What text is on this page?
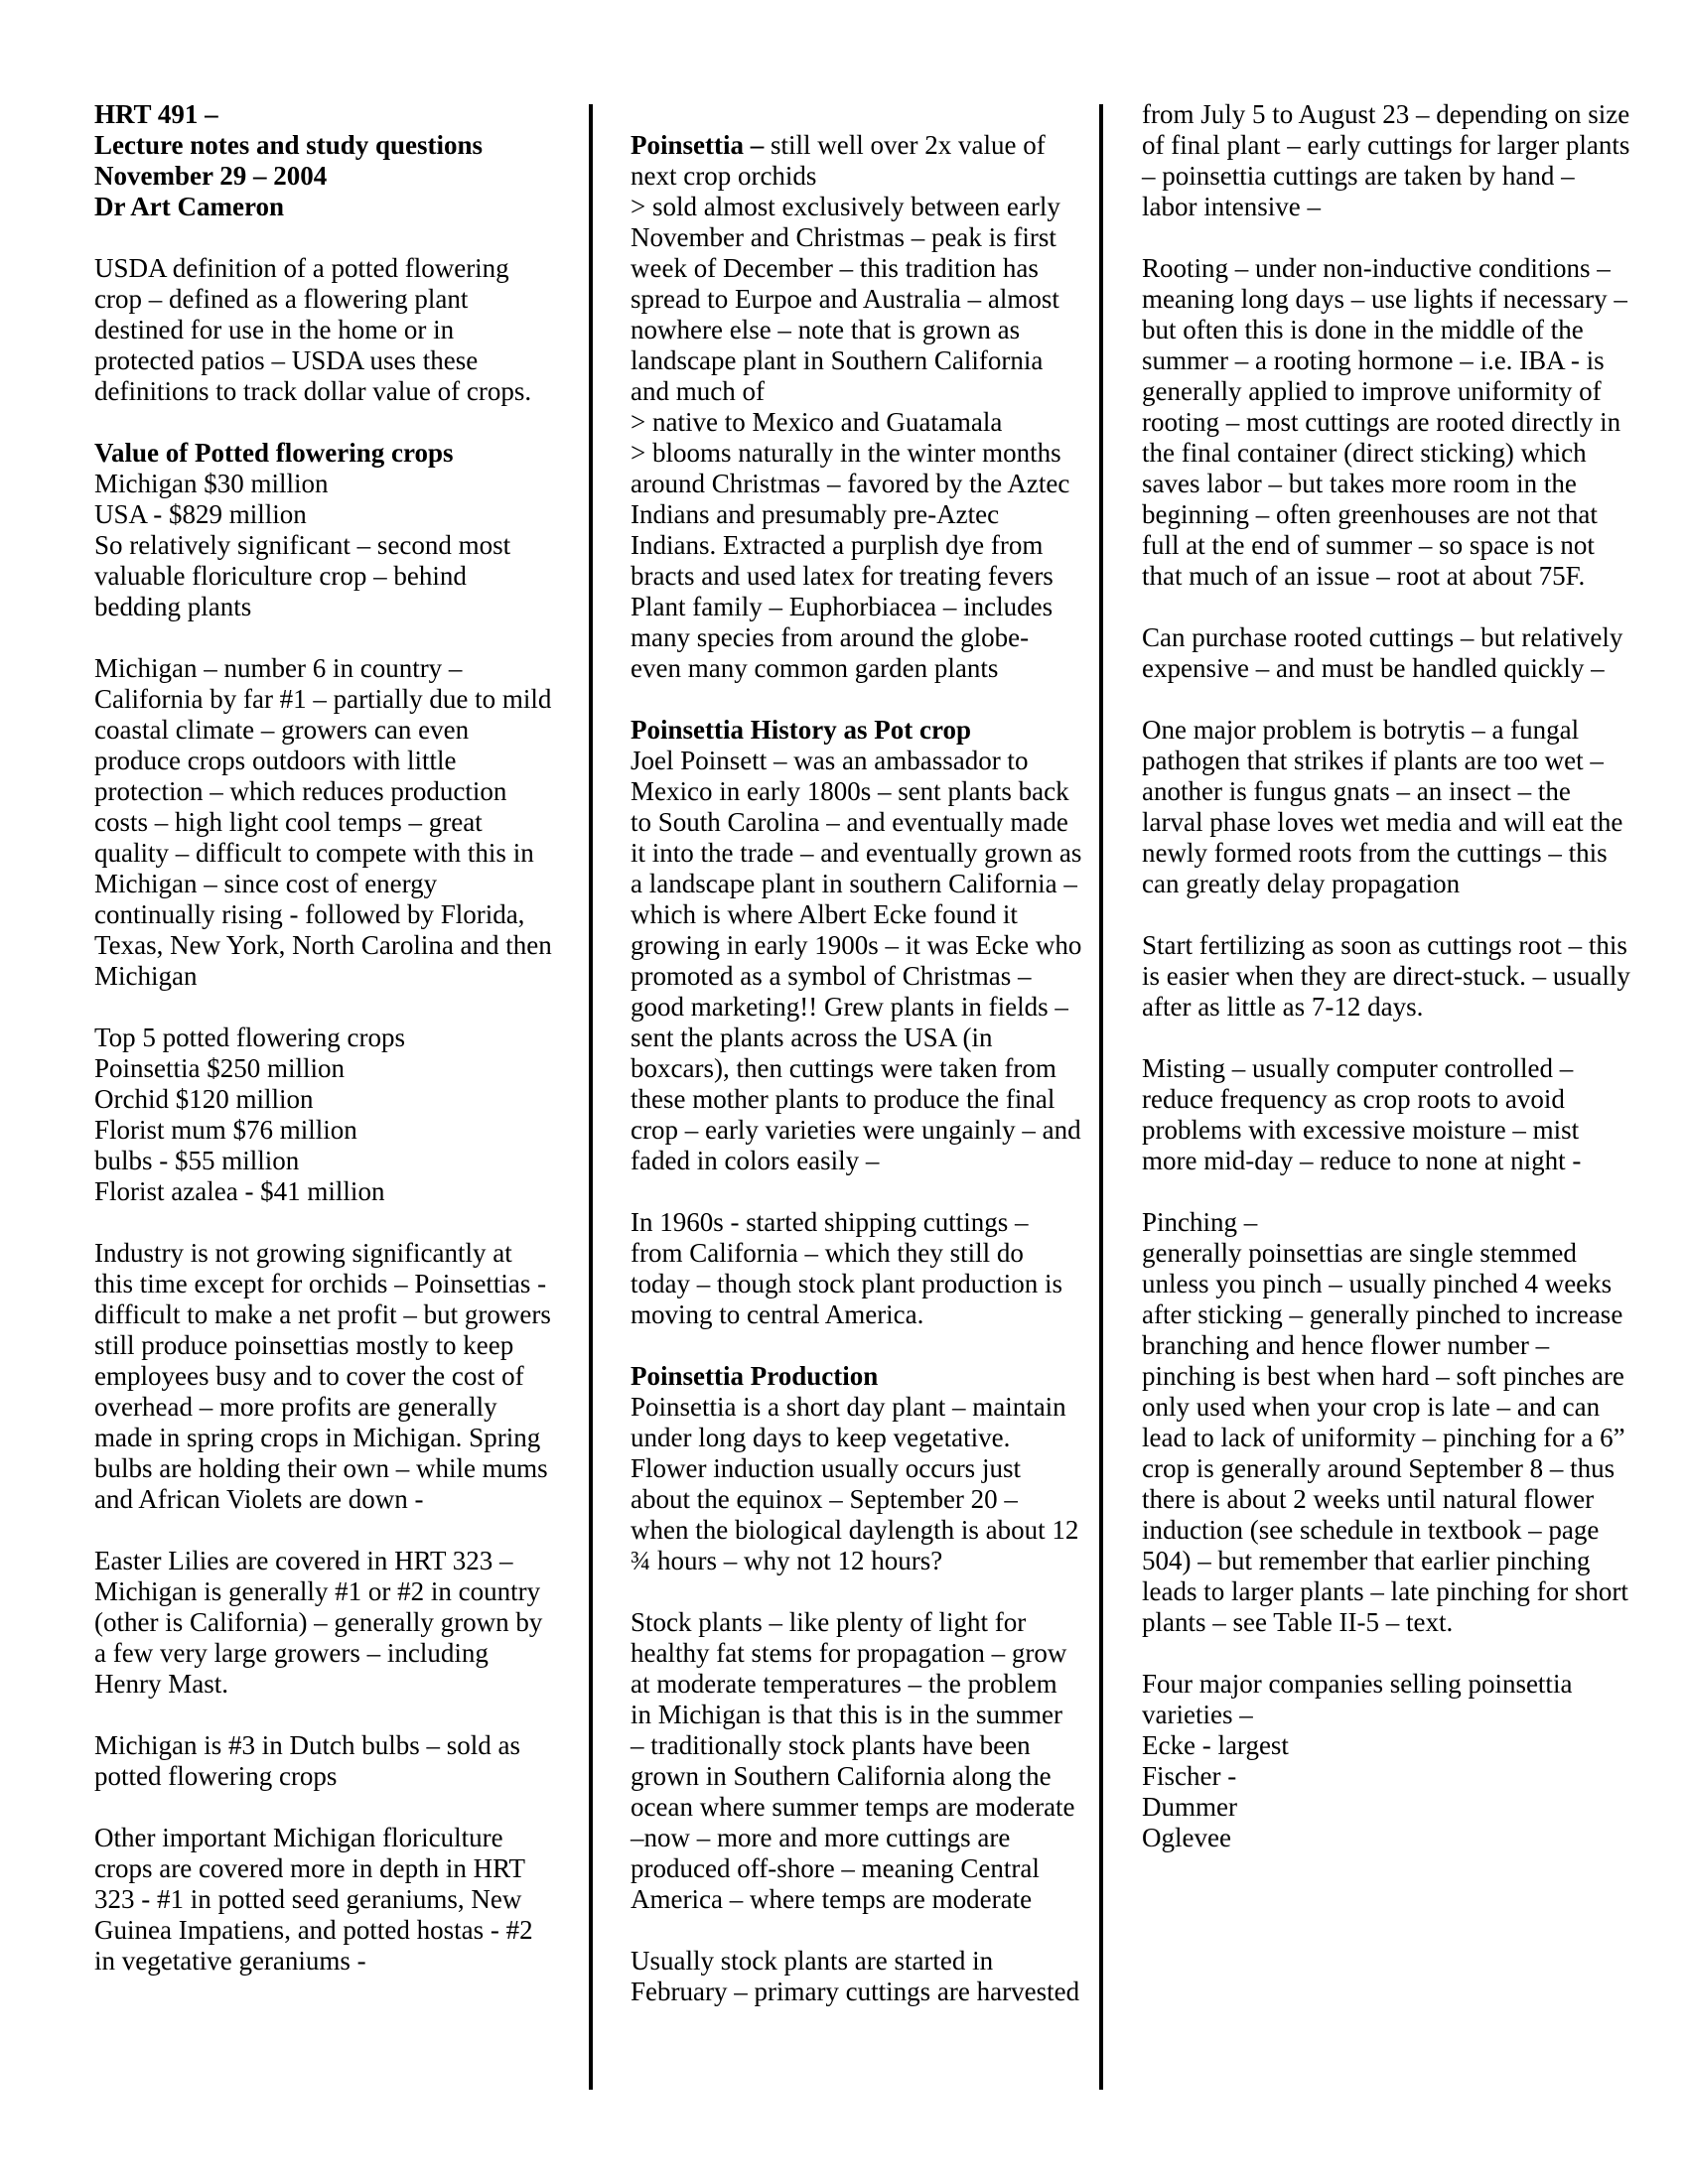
HRT 491 –
Lecture notes and study questions
November 29 – 2004
Dr Art Cameron
USDA definition of a potted flowering crop – defined as a flowering plant destined for use in the home or in protected patios – USDA uses these definitions to track dollar value of crops.
Value of Potted flowering crops
Michigan $30 million
USA - $829 million
So relatively significant – second most valuable floriculture crop – behind bedding plants
Michigan – number 6 in country – California by far #1 – partially due to mild coastal climate – growers can even produce crops outdoors with little protection – which reduces production costs – high light cool temps – great quality – difficult to compete with this in Michigan – since cost of energy continually rising - followed by Florida, Texas, New York, North Carolina and then Michigan
Top 5 potted flowering crops
Poinsettia $250 million
Orchid $120 million
Florist mum $76 million
bulbs - $55 million
Florist azalea - $41 million
Industry is not growing significantly at this time except for orchids – Poinsettias - difficult to make a net profit – but growers still produce poinsettias mostly to keep employees busy and to cover the cost of overhead – more profits are generally made in spring crops in Michigan. Spring bulbs are holding their own – while mums and African Violets are down -
Easter Lilies are covered in HRT 323 – Michigan is generally #1 or #2 in country (other is California) – generally grown by a few very large growers – including Henry Mast.
Michigan is #3 in Dutch bulbs – sold as potted flowering crops
Other important Michigan floriculture crops are covered more in depth in HRT 323 - #1 in potted seed geraniums, New Guinea Impatiens, and potted hostas - #2 in vegetative geraniums -
Poinsettia – still well over 2x value of next crop orchids
> sold almost exclusively between early November and Christmas – peak is first week of December – this tradition has spread to Eurpoe and Australia – almost nowhere else – note that is grown as landscape plant in Southern California and much of
> native to Mexico and Guatamala
> blooms naturally in the winter months around Christmas – favored by the Aztec Indians and presumably pre-Aztec Indians. Extracted a purplish dye from bracts and used latex for treating fevers
Plant family – Euphorbiacea – includes many species from around the globe- even many common garden plants
Poinsettia History as Pot crop
Joel Poinsett – was an ambassador to Mexico in early 1800s – sent plants back to South Carolina – and eventually made it into the trade – and eventually grown as a landscape plant in southern California – which is where Albert Ecke found it growing in early 1900s – it was Ecke who promoted as a symbol of Christmas – good marketing!! Grew plants in fields – sent the plants across the USA (in boxcars), then cuttings were taken from these mother plants to produce the final crop – early varieties were ungainly – and faded in colors easily –
In 1960s - started shipping cuttings – from California – which they still do today – though stock plant production is moving to central America.
Poinsettia Production
Poinsettia is a short day plant – maintain under long days to keep vegetative. Flower induction usually occurs just about the equinox – September 20 – when the biological daylength is about 12 ¾ hours – why not 12 hours?
Stock plants – like plenty of light for healthy fat stems for propagation – grow at moderate temperatures – the problem in Michigan is that this is in the summer – traditionally stock plants have been grown in Southern California along the ocean where summer temps are moderate –now – more and more cuttings are produced off-shore – meaning Central America – where temps are moderate
Usually stock plants are started in February – primary cuttings are harvested
from July 5 to August 23 – depending on size of final plant – early cuttings for larger plants – poinsettia cuttings are taken by hand – labor intensive –
Rooting – under non-inductive conditions – meaning long days – use lights if necessary – but often this is done in the middle of the summer – a rooting hormone – i.e. IBA - is generally applied to improve uniformity of rooting – most cuttings are rooted directly in the final container (direct sticking) which saves labor – but takes more room in the beginning – often greenhouses are not that full at the end of summer – so space is not that much of an issue – root at about 75F.
Can purchase rooted cuttings – but relatively expensive – and must be handled quickly –
One major problem is botrytis – a fungal pathogen that strikes if plants are too wet – another is fungus gnats – an insect – the larval phase loves wet media and will eat the newly formed roots from the cuttings – this can greatly delay propagation
Start fertilizing as soon as cuttings root – this is easier when they are direct-stuck. – usually after as little as 7-12 days.
Misting – usually computer controlled – reduce frequency as crop roots to avoid problems with excessive moisture – mist more mid-day – reduce to none at night -
Pinching –
generally poinsettias are single stemmed unless you pinch – usually pinched 4 weeks after sticking – generally pinched to increase branching and hence flower number – pinching is best when hard – soft pinches are only used when your crop is late – and can lead to lack of uniformity – pinching for a 6” crop is generally around September 8 – thus there is about 2 weeks until natural flower induction (see schedule in textbook – page 504) – but remember that earlier pinching leads to larger plants – late pinching for short plants – see Table II-5 – text.
Four major companies selling poinsettia varieties –
Ecke - largest
Fischer -
Dummer
Oglevee
